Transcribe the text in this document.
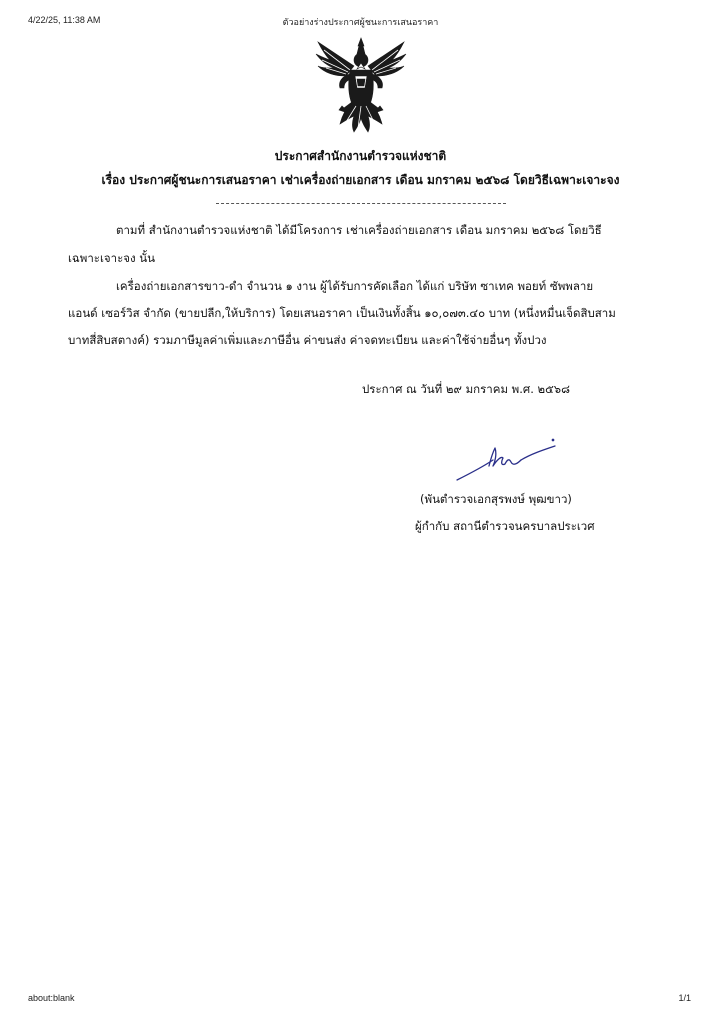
4/22/25, 11:38 AM	ตัวอย่างร่างประกาศผู้ชนะการเสนอราคา
ประกาศสำนักงานตำรวจแห่งชาติ
เรื่อง ประกาศผู้ชนะการเสนอราคา เช่าเครื่องถ่ายเอกสาร เดือน มกราคม ๒๕๖๘ โดยวิธีเฉพาะเจาะจง
ตามที่ สำนักงานตำรวจแห่งชาติ ได้มีโครงการ เช่าเครื่องถ่ายเอกสาร เดือน มกราคม ๒๕๖๘ โดยวิธี
เฉพาะเจาะจง นั้น
เครื่องถ่ายเอกสารขาว-ดำ จำนวน ๑ งาน ผู้ได้รับการคัดเลือก ได้แก่ บริษัท ซาเทค พอยท์ ซัพพลาย
แอนด์ เซอร์วิส จำกัด (ขายปลีก,ให้บริการ) โดยเสนอราคา เป็นเงินทั้งสิ้น ๑๐,๐๗๓.๔๐ บาท (หนึ่งหมื่นเจ็ดสิบสาม
บาทสี่สิบสตางค์) รวมภาษีมูลค่าเพิ่มและภาษีอื่น ค่าขนส่ง ค่าจดทะเบียน และค่าใช้จ่ายอื่นๆ ทั้งปวง
ประกาศ ณ วันที่ ๒๙ มกราคม พ.ศ. ๒๕๖๘
(พันตำรวจเอกสุรพงษ์ พุฒขาว)
ผู้กำกับ สถานีตำรวจนครบาลประเวศ
about:blank	1/1
